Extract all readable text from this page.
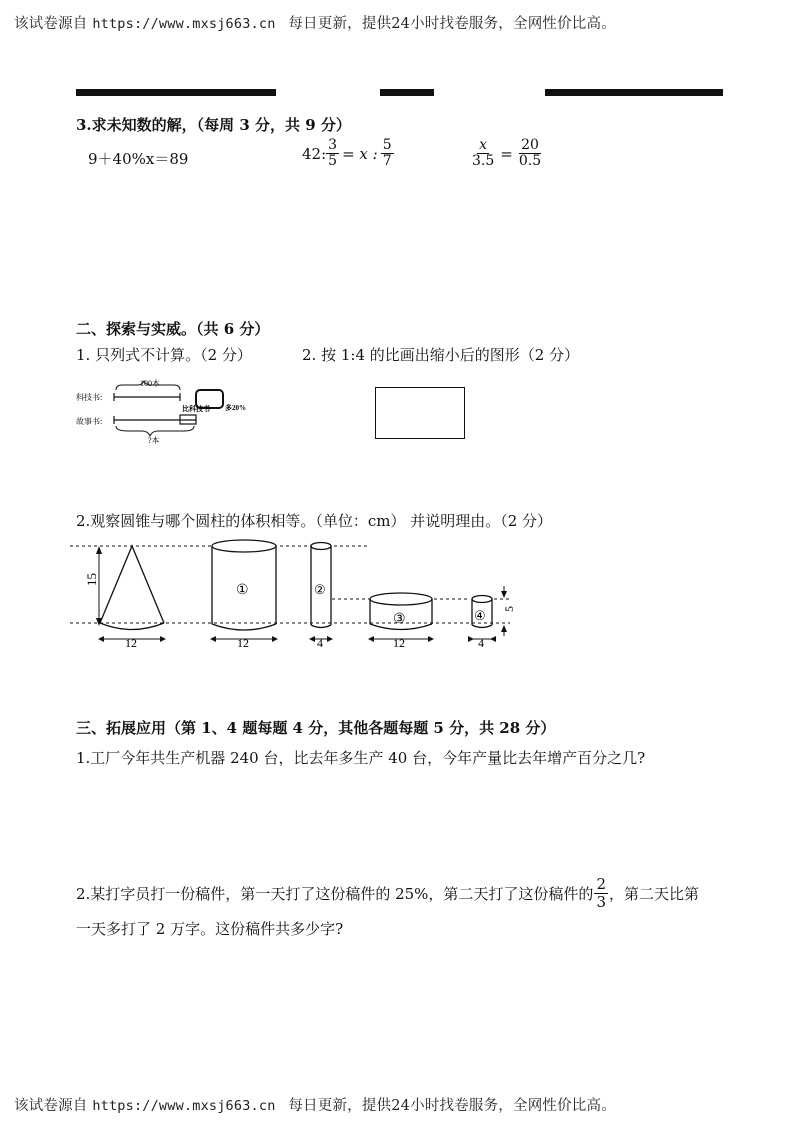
该试卷源自 https://www.mxsj663.cn 每日更新，提供24小时找卷服务，全网性价比高。
3.求未知数的解，（每周 3 分，共 9 分）
9＋40%x＝89	42: $\frac{3}{5} = x$ : $\frac{5}{7}$	$\frac{x}{3.5} = \frac{20}{0.5}$
二、探索与实威。（共 6 分）
1. 只列式不计算。（2 分）	2. 按 1:4 的比画出缩小后的图形（2 分）
100本
科技书:
比科技书 多20%
故事书:
?本
2.观察圆锥与哪个圆柱的体积相等。（单位：cm） 并说明理由。（2 分）
15
12
①
12
②
4
③
12
④ 5
4
三、拓展应用（第 1、4 题每题 4 分，其他各题每题 5 分，共 28 分）
1.工厂今年共生产机器 240 台，比去年多生产 40 台，今年产量比去年增产百分之几?
2.某打字员打一份稿件，第一天打了这份稿件的 25%，第二天打了这份稿件的 $\frac{2}{3}$ ，第二天比第
一天多打了 2 万字。这份稿件共多少字?
该试卷源自 https://www.mxsj663.cn 每日更新，提供24小时找卷服务，全网性价比高。
